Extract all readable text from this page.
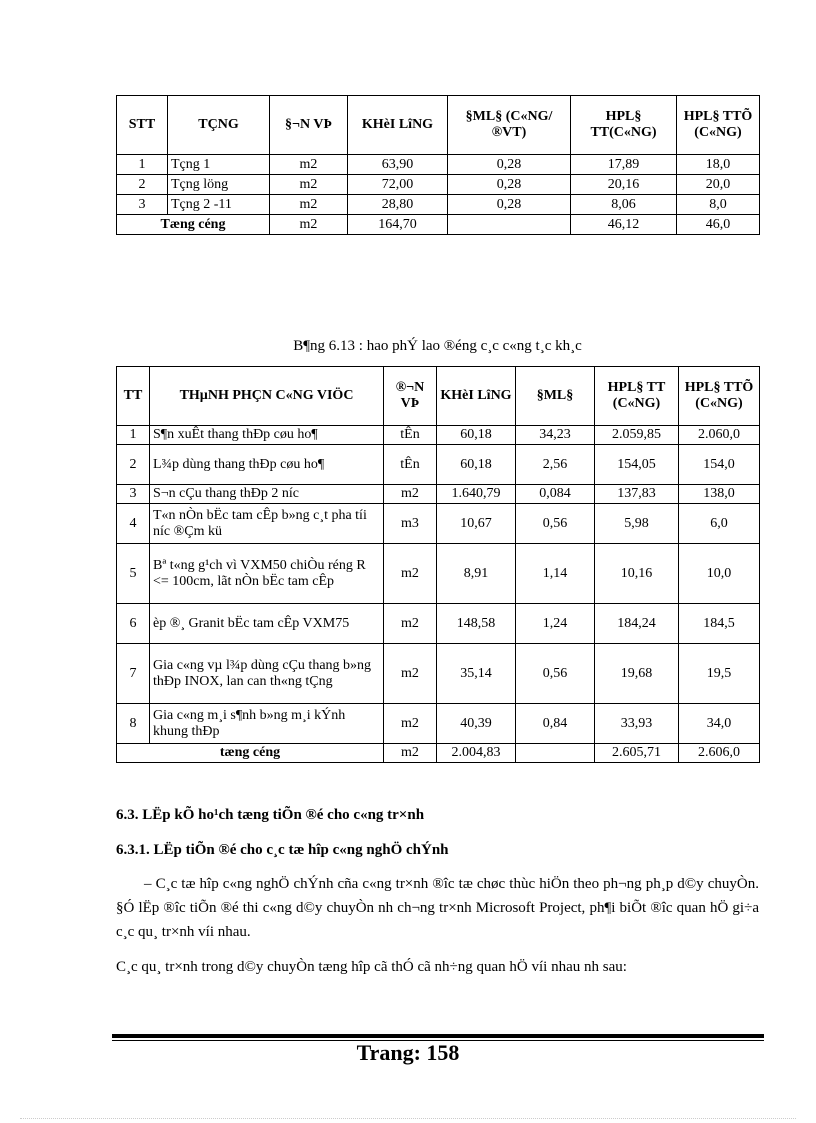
STT	TÇNG	§¬N VÞ	KHèI LîNG	§ML§ (C«NG/®VT)	HPL§ TT(C«NG)	HPL§ TTÕ (C«NG)
1	Tçng 1	m2	63,90	0,28	17,89	18,0
2	Tçng löng	m2	72,00	0,28	20,16	20,0
3	Tçng 2 -11	m2	28,80	0,28	8,06	8,0
Tæng céng		m2	164,70		46,12	46,0
B¶ng 6.13 : hao phÝ lao ®éng c¸c c«ng t¸c kh¸c
TT	THµNH PHÇN C«NG VIÖC	®¬N VÞ	KHèI LîNG	§ML§	HPL§ TT (C«NG)	HPL§ TTÕ (C«NG)
1	S¶n xuÊt thang thÐp cøu ho¶	tÊn	60,18	34,23	2.059,85	2.060,0
2	L¾p dùng thang thÐp cøu ho¶	tÊn	60,18	2,56	154,05	154,0
3	S¬n cÇu thang thÐp 2 níc	m2	1.640,79	0,084	137,83	138,0
4	T«n nÒn bËc tam cÊp b»ng c¸t pha tíi níc ®Çm kü	m3	10,67	0,56	5,98	6,0
5	Bª t«ng g¹ch vì VXM50 chiÒu réng R <= 100cm, lãt nÒn bËc tam cÊp	m2	8,91	1,14	10,16	10,0
6	èp ®¸ Granit bËc tam cÊp VXM75	m2	148,58	1,24	184,24	184,5
7	Gia c«ng vµ l¾p dùng cÇu thang b»ng thÐp INOX, lan can th«ng tÇng	m2	35,14	0,56	19,68	19,5
8	Gia c«ng m¸i s¶nh b»ng m¸i kÝnh khung thÐp	m2	40,39	0,84	33,93	34,0
tæng céng		m2	2.004,83		2.605,71	2.606,0
6.3. LËp kÕ ho¹ch tæng tiÕn ®é cho c«ng tr×nh
6.3.1. LËp tiÕn ®é cho c¸c tæ hîp c«ng nghÖ chÝnh
– C¸c tæ hîp c«ng nghÖ chÝnh cña c«ng tr×nh ®îc tæ chøc thùc hiÖn theo ph¬ng ph¸p d©y chuyÒn. §Ó lËp ®îc tiÕn ®é thi c«ng d©y chuyÒn nh ch¬ng tr×nh Microsoft Project, ph¶i biÕt ®îc quan hÖ gi÷a c¸c qu¸ tr×nh víi nhau.
C¸c qu¸ tr×nh trong d©y chuyÒn tæng hîp cã thÓ cã nh÷ng quan hÖ víi nhau nh sau:
Trang: 158
